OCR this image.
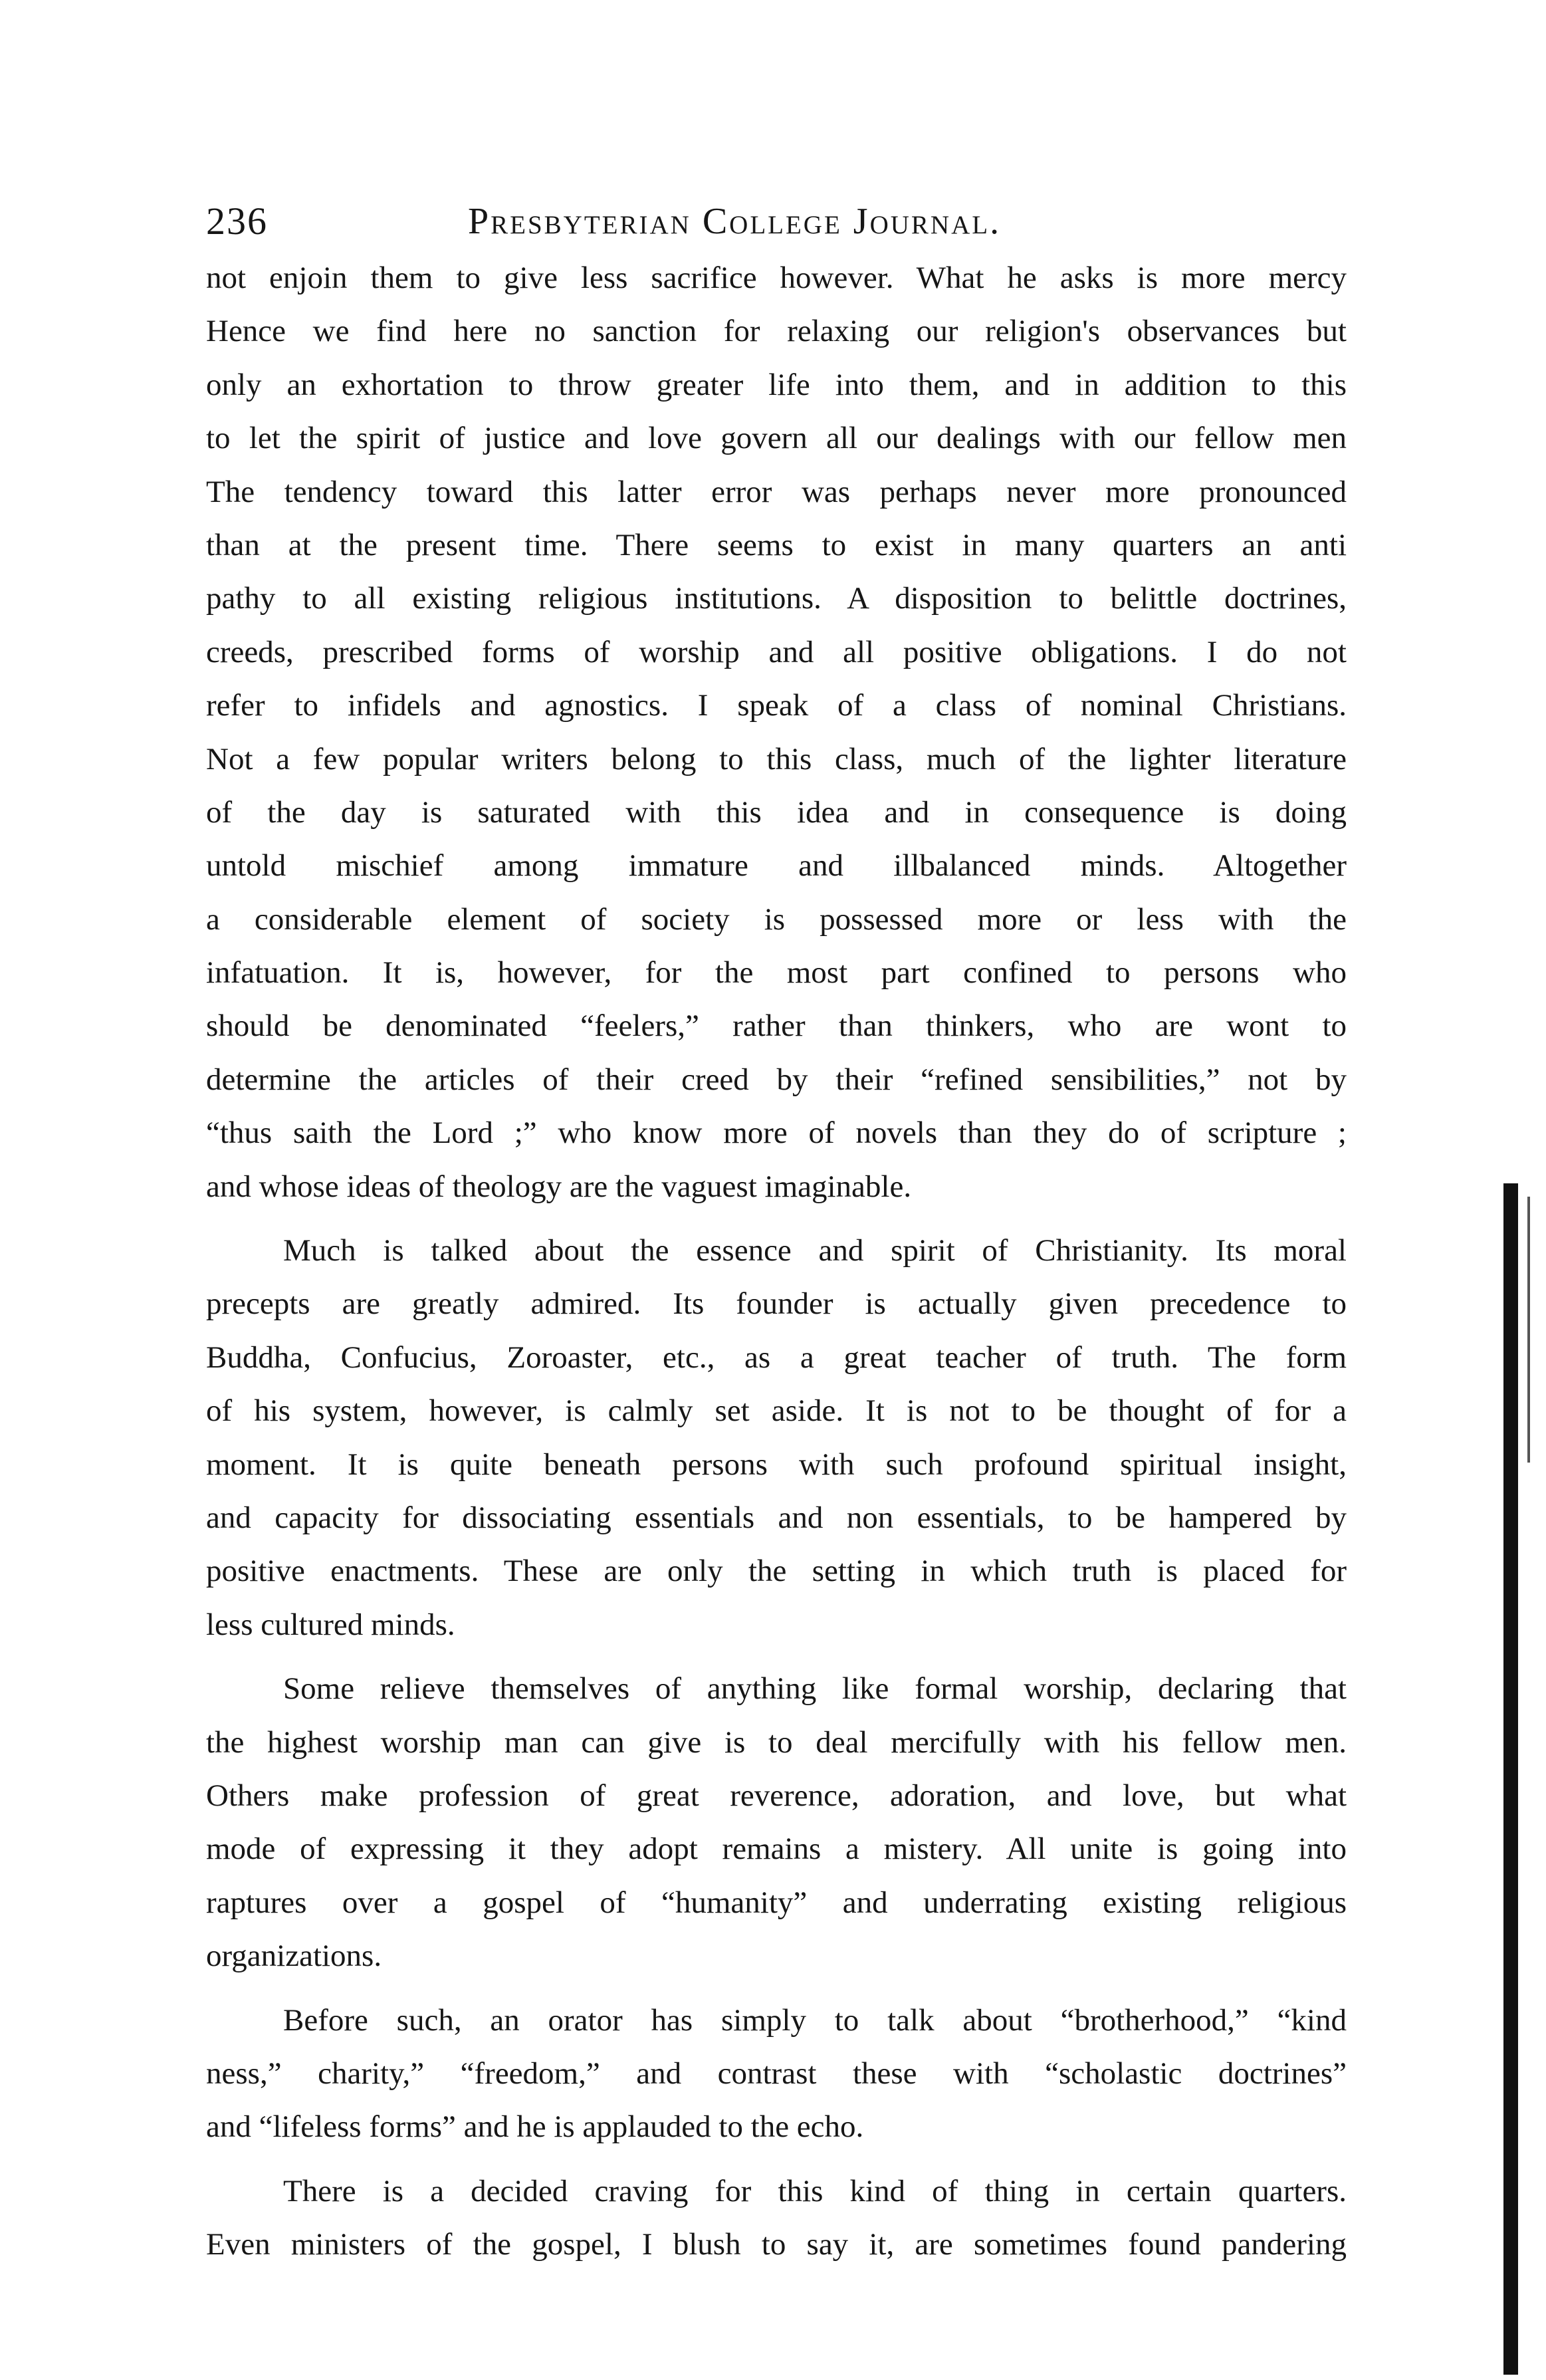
236	Presbyterian College Journal.
not enjoin them to give less sacrifice however. What he asks is more mercy
Hence we find here no sanction for relaxing our religion's observances but
only an exhortation to throw greater life into them, and in addition to this
to let the spirit of justice and love govern all our dealings with our fellow men
The tendency toward this latter error was perhaps never more pronounced
than at the present time. There seems to exist in many quarters an anti
pathy to all existing religious institutions. A disposition to belittle doctrines,
creeds, prescribed forms of worship and all positive obligations. I do not
refer to infidels and agnostics. I speak of a class of nominal Christians.
Not a few popular writers belong to this class, much of the lighter literature
of the day is saturated with this idea and in consequence is doing
untold mischief among immature and illbalanced minds. Altogether
a considerable element of society is possessed more or less with the
infatuation. It is, however, for the most part confined to persons who
should be denominated “feelers,” rather than thinkers, who are wont to
determine the articles of their creed by their “refined sensibilities,” not by
“thus saith the Lord ;” who know more of novels than they do of scripture ;
and whose ideas of theology are the vaguest imaginable.
Much is talked about the essence and spirit of Christianity. Its moral
precepts are greatly admired. Its founder is actually given precedence to
Buddha, Confucius, Zoroaster, etc., as a great teacher of truth. The form
of his system, however, is calmly set aside. It is not to be thought of for a
moment. It is quite beneath persons with such profound spiritual insight,
and capacity for dissociating essentials and non essentials, to be hampered by
positive enactments. These are only the setting in which truth is placed for
less cultured minds.
Some relieve themselves of anything like formal worship, declaring that
the highest worship man can give is to deal mercifully with his fellow men.
Others make profession of great reverence, adoration, and love, but what
mode of expressing it they adopt remains a mistery. All unite is going into
raptures over a gospel of “humanity” and underrating existing religious
organizations.
Before such, an orator has simply to talk about “brotherhood,” “kind
ness,” charity,” “freedom,” and contrast these with “scholastic doctrines”
and “lifeless forms” and he is applauded to the echo.
There is a decided craving for this kind of thing in certain quarters.
Even ministers of the gospel, I blush to say it, are sometimes found pandering
